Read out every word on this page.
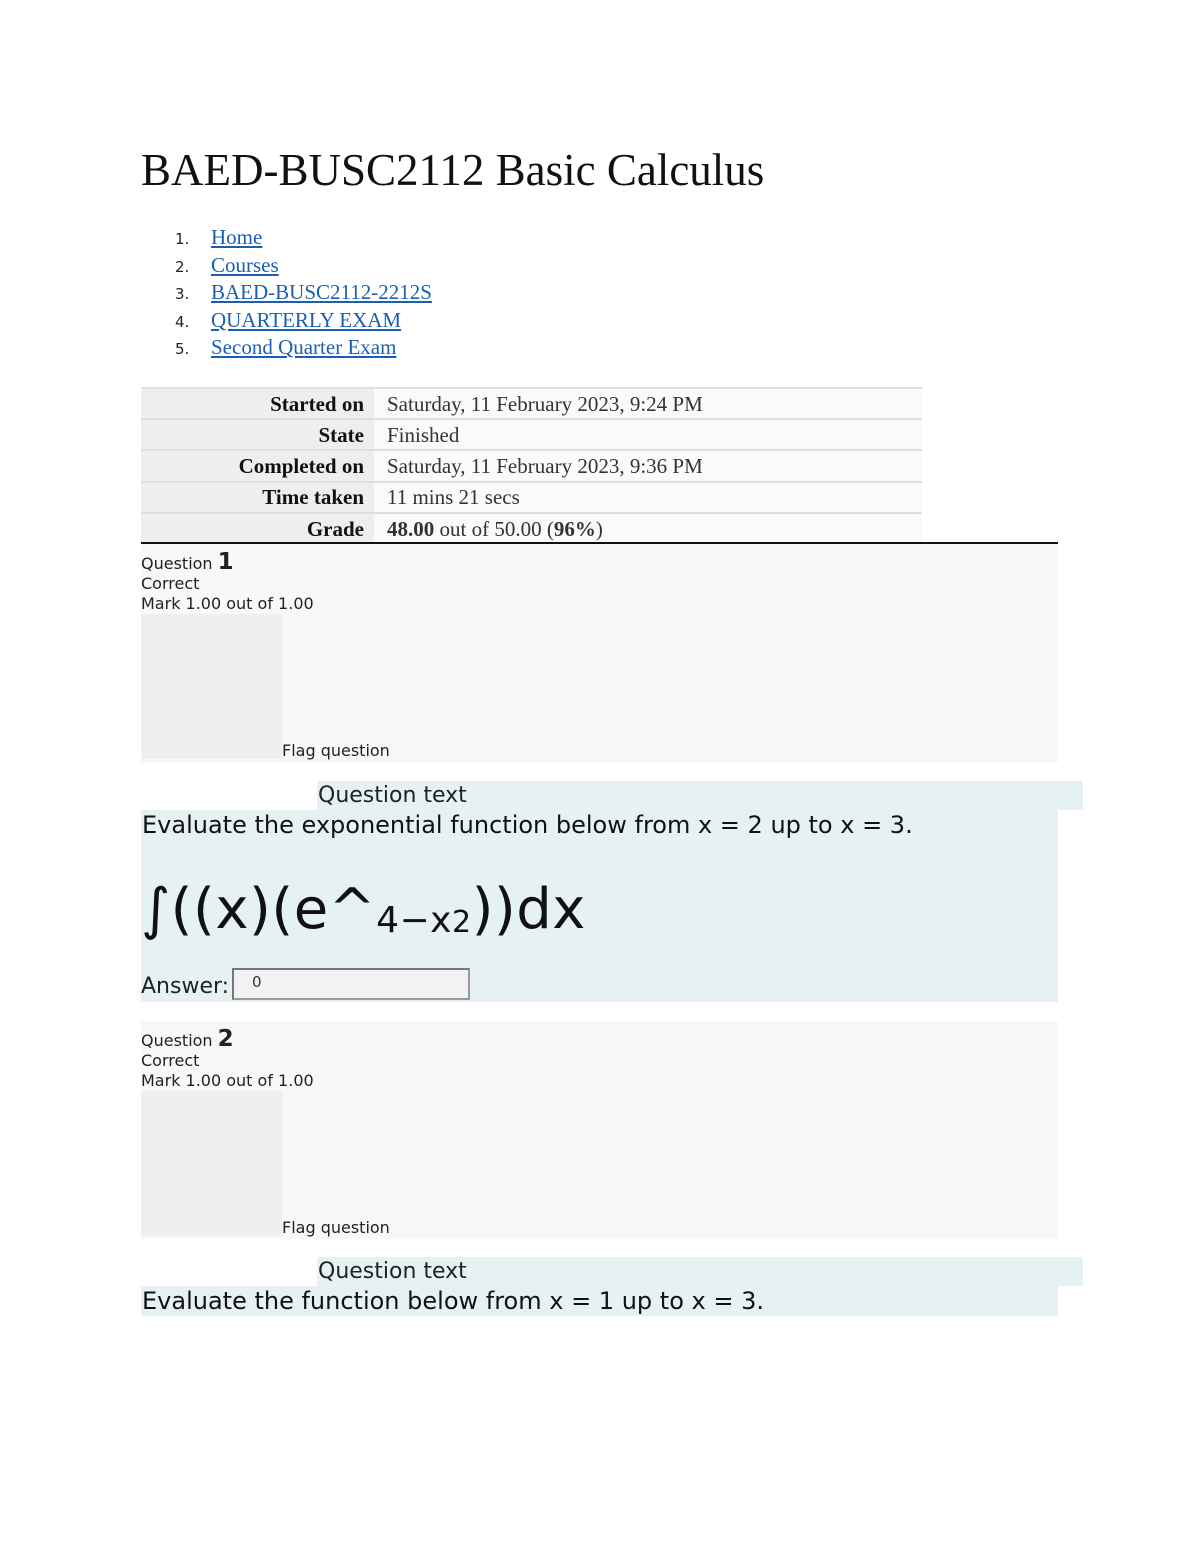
BAED-BUSC2112 Basic Calculus
1. Home
2. Courses
3. BAED-BUSC2112-2212S
4. QUARTERLY EXAM
5. Second Quarter Exam
Started on	Saturday, 11 February 2023, 9:24 PM
State	Finished
Completed on	Saturday, 11 February 2023, 9:36 PM
Time taken	11 mins 21 secs
Grade	48.00 out of 50.00 (96%)
Question 1
Correct
Mark 1.00 out of 1.00
Flag question
Question text
Evaluate the exponential function below from x = 2 up to x = 3.
∫((x)(e^4−x2))dx
Answer:	0
Question 2
Correct
Mark 1.00 out of 1.00
Flag question
Question text
Evaluate the function below from x = 1 up to x = 3.
